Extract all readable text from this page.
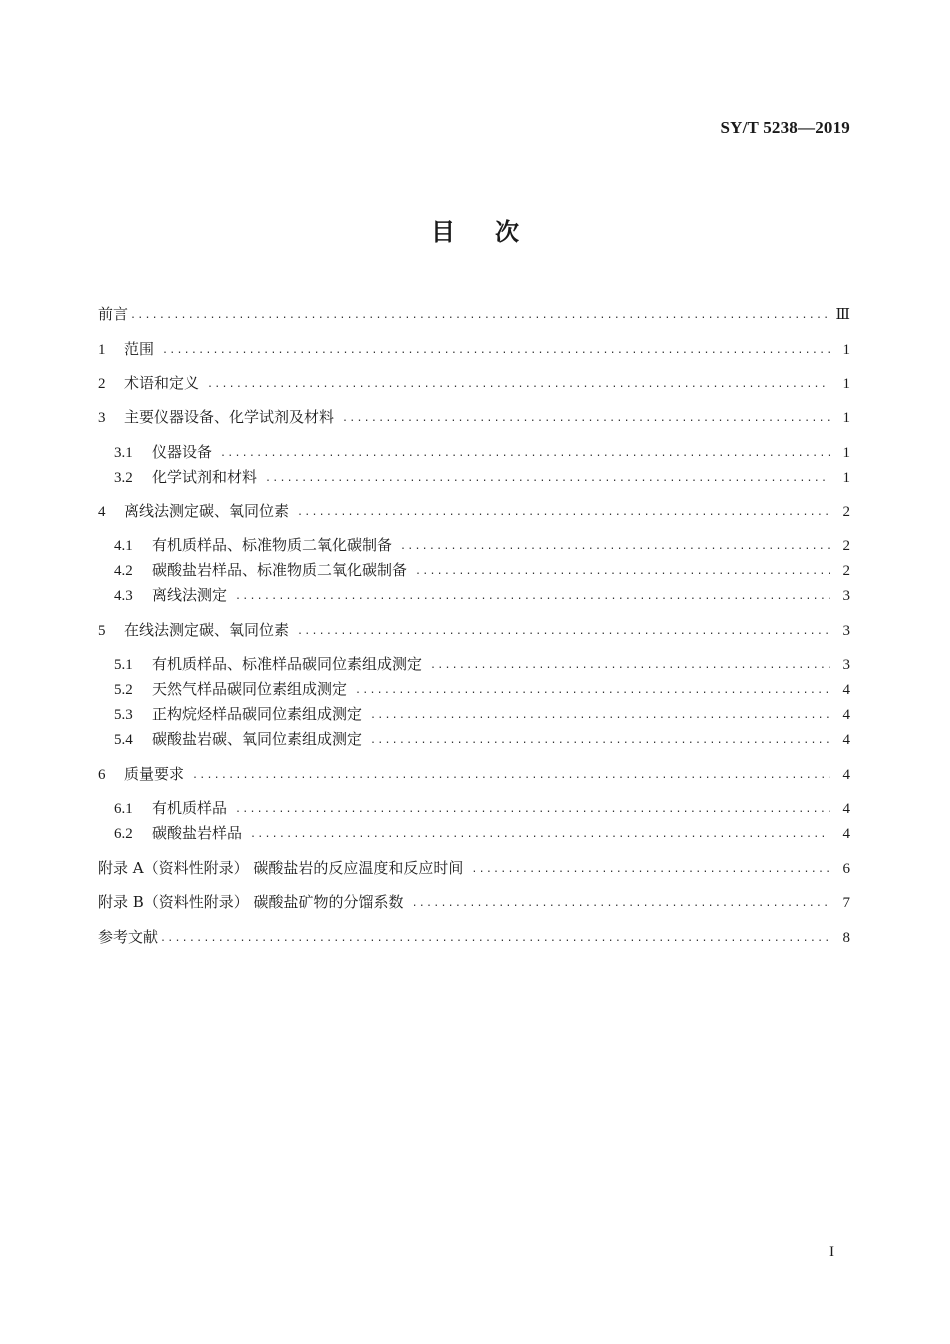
SY/T 5238—2019
目次
前言 .....	Ⅲ
1	范围 .....	1
2	术语和定义 .....	1
3	主要仪器设备、化学试剂及材料 .....	1
3.1	仪器设备 .....	1
3.2	化学试剂和材料 .....	1
4	离线法测定碳、氧同位素 .....	2
4.1	有机质样品、标准物质二氧化碳制备 .....	2
4.2	碳酸盐岩样品、标准物质二氧化碳制备 .....	2
4.3	离线法测定 .....	3
5	在线法测定碳、氧同位素 .....	3
5.1	有机质样品、标准样品碳同位素组成测定 .....	3
5.2	天然气样品碳同位素组成测定 .....	4
5.3	正构烷烃样品碳同位素组成测定 .....	4
5.4	碳酸盐岩碳、氧同位素组成测定 .....	4
6	质量要求 .....	4
6.1	有机质样品 .....	4
6.2	碳酸盐岩样品 .....	4
附录 A（资料性附录） 碳酸盐岩的反应温度和反应时间 .....	6
附录 B（资料性附录） 碳酸盐矿物的分馏系数 .....	7
参考文献 .....	8
I
